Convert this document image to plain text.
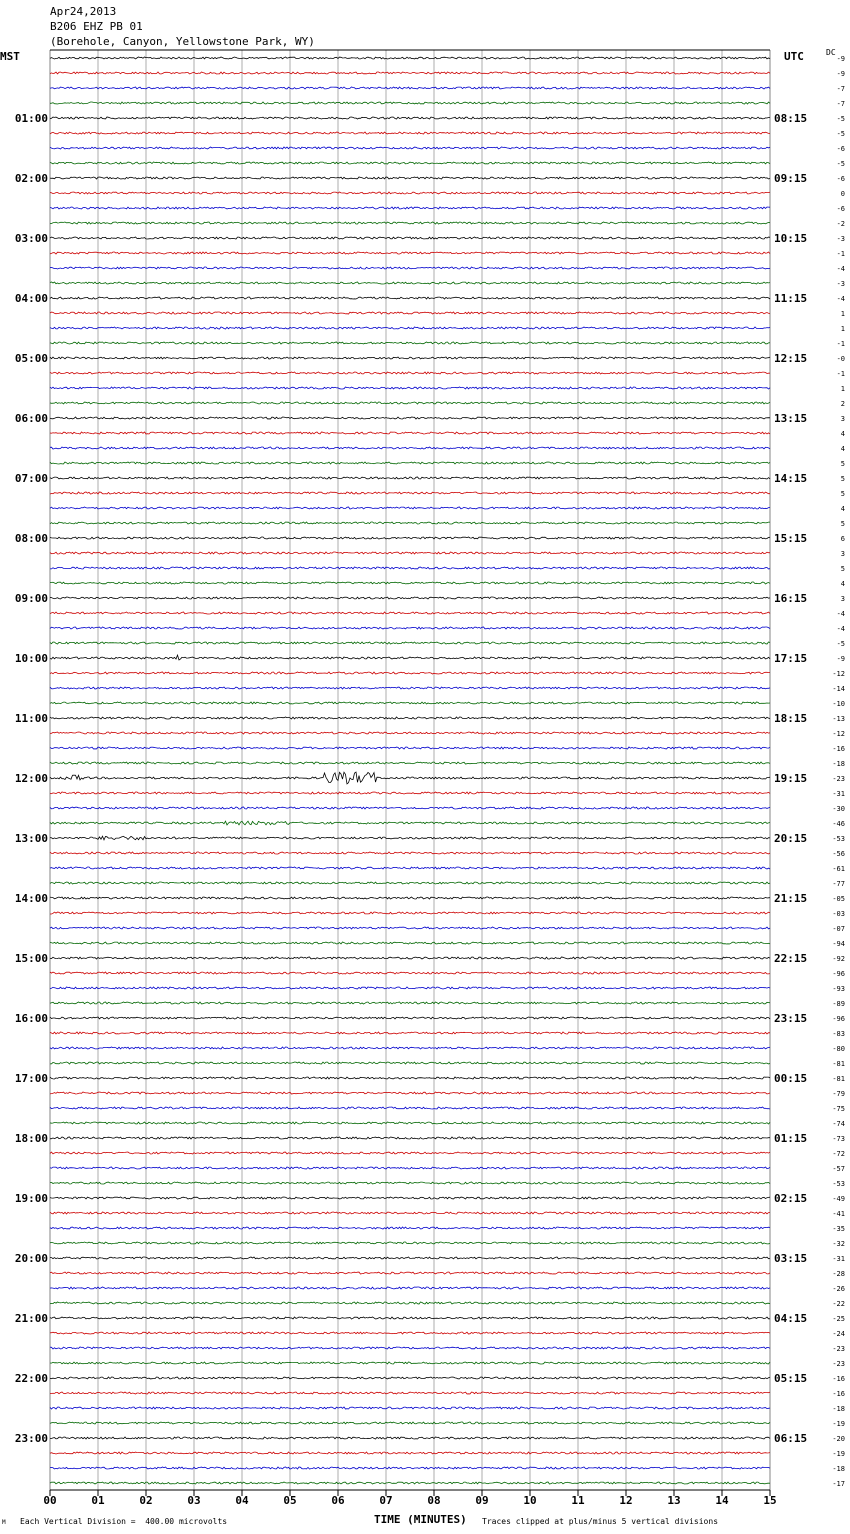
Apr24,2013
B206 EHZ PB 01
(Borehole, Canyon, Yellowstone Park, WY)
MST	UTC	DC
-9
-9
-7
-7
-5
-5
-6
-5
-6
0
-6
-2
-3
-1
-4
-3
-4
1
1
-1
-0
-1
1
2
3
4
4
5
5
5
4
5
6
3
5
4
3
-4
-4
-5
-9
-12
-14
-10
-13
-12
-16
-18
-23
-31
-30
-46
-53
-56
-61
-77
-05
-03
-07
-94
-92
-96
-93
-89
-96
-83
-80
-81
-81
-79
-75
-74
-73
-72
-57
-53
-49
-41
-35
-32
-31
-28
-26
-22
-25
-24
-23
-23
-16
-16
-18
-19
-20
-19
-18
-17
01:00	08:15
02:00	09:15
03:00	10:15
04:00	11:15
05:00	12:15
06:00	13:15
07:00	14:15
08:00	15:15
09:00	16:15
10:00	17:15
11:00	18:15
12:00	19:15
13:00	20:15
14:00	21:15
15:00	22:15
16:00	23:15
17:00	00:15
18:00	01:15
19:00	02:15
20:00	03:15
21:00	04:15
22:00	05:15
23:00	06:15
00	01	02	03	04	05	06	07	08	09	10	11	12	13	14	15
M Each Vertical Division =  400.00 microvolts	TIME (MINUTES) Traces clipped at plus/minus 5 vertical divisions
